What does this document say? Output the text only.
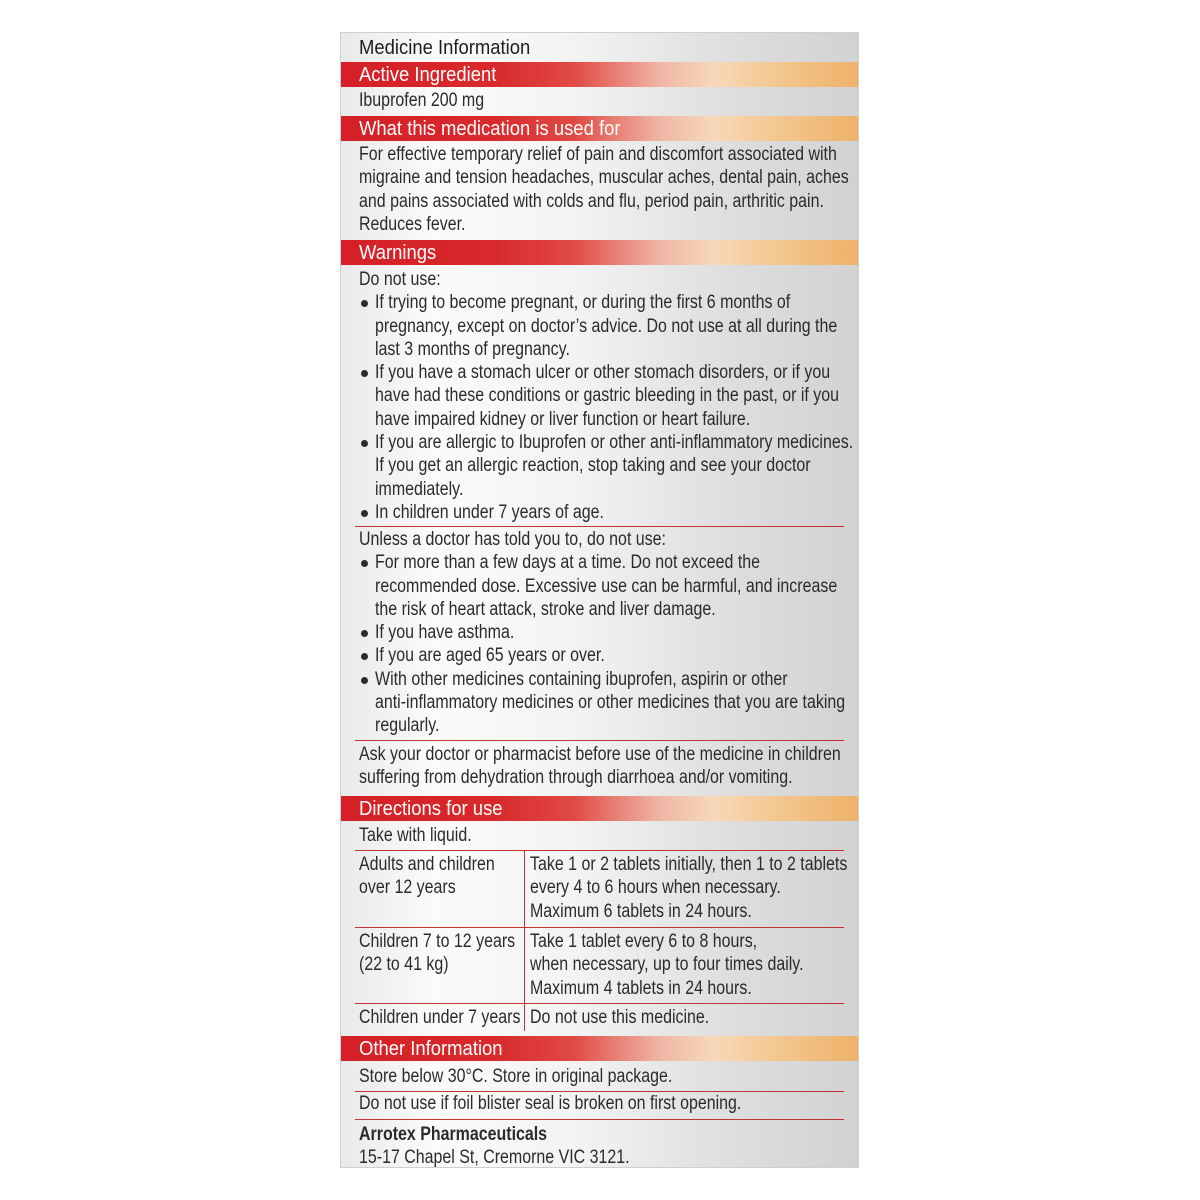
Medicine Information
Active Ingredient
Ibuprofen 200 mg
What this medication is used for
For effective temporary relief of pain and discomfort associated with
migraine and tension headaches, muscular aches, dental pain, aches
and pains associated with colds and flu, period pain, arthritic pain.
Reduces fever.
Warnings
Do not use:
If trying to become pregnant, or during the first 6 months of
pregnancy, except on doctor’s advice. Do not use at all during the
last 3 months of pregnancy.
If you have a stomach ulcer or other stomach disorders, or if you
have had these conditions or gastric bleeding in the past, or if you
have impaired kidney or liver function or heart failure.
If you are allergic to Ibuprofen or other anti-inflammatory medicines.
If you get an allergic reaction, stop taking and see your doctor
immediately.
In children under 7 years of age.
Unless a doctor has told you to, do not use:
For more than a few days at a time. Do not exceed the
recommended dose. Excessive use can be harmful, and increase
the risk of heart attack, stroke and liver damage.
If you have asthma.
If you are aged 65 years or over.
With other medicines containing ibuprofen, aspirin or other
anti-inflammatory medicines or other medicines that you are taking
regularly.
Ask your doctor or pharmacist before use of the medicine in children
suffering from dehydration through diarrhoea and/or vomiting.
Directions for use
Take with liquid.
Adults and children
over 12 years
Take 1 or 2 tablets initially, then 1 to 2 tablets
every 4 to 6 hours when necessary.
Maximum 6 tablets in 24 hours.
Children 7 to 12 years
(22 to 41 kg)
Take 1 tablet every 6 to 8 hours,
when necessary, up to four times daily.
Maximum 4 tablets in 24 hours.
Children under 7 years Do not use this medicine.
Other Information
Store below 30°C. Store in original package.
Do not use if foil blister seal is broken on first opening.
Arrotex Pharmaceuticals
15-17 Chapel St, Cremorne VIC 3121.
